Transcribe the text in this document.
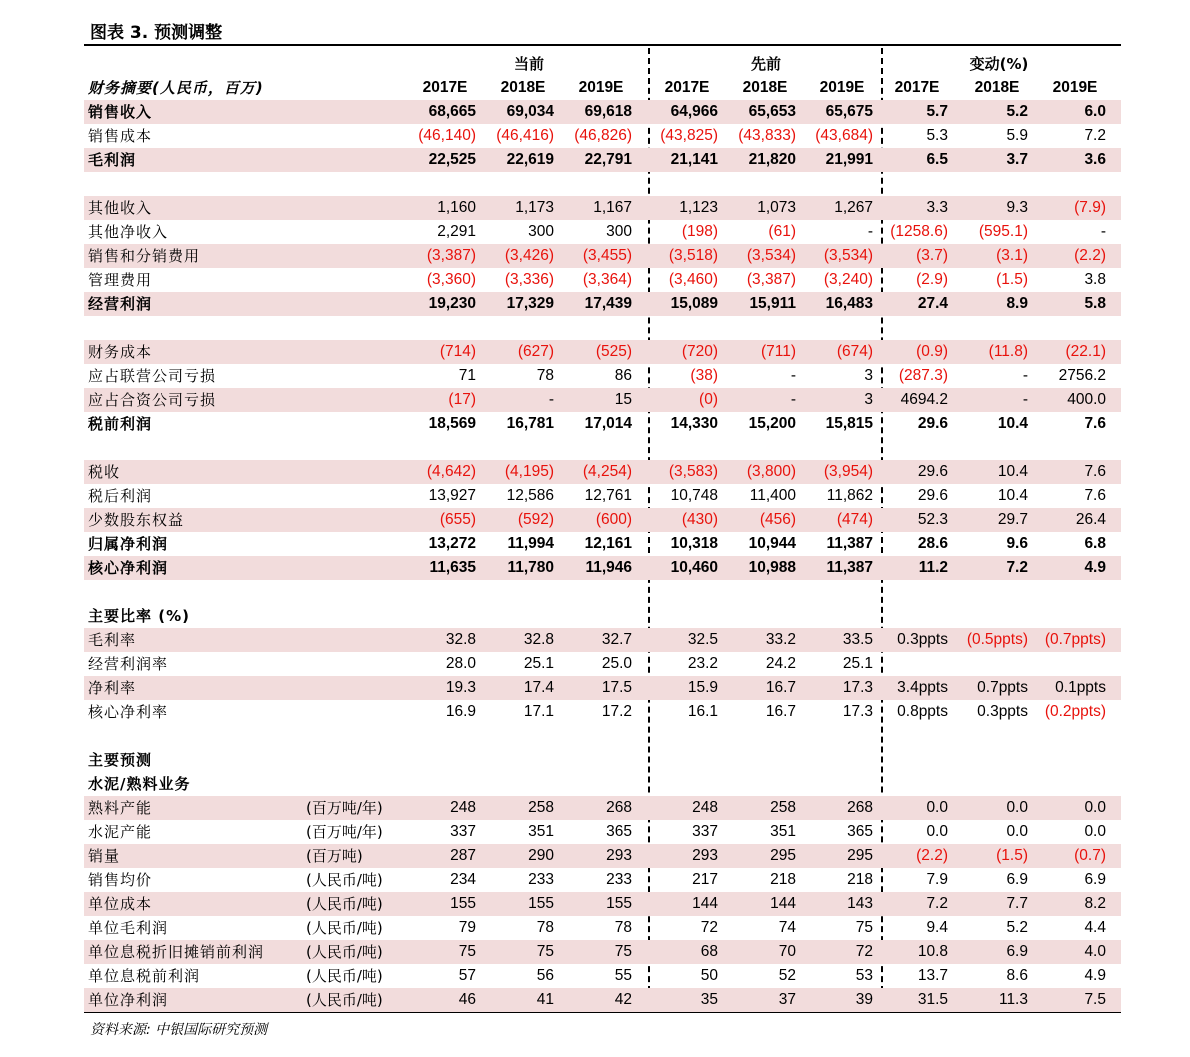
图表 3. 预测调整
当前	先前	变动(%)
财务摘要(人民币，百万)	2017E	2018E	2019E	2017E	2018E	2019E	2017E	2018E	2019E
销售收入	68,665	69,034	69,618	64,966	65,653	65,675	5.7	5.2	6.0
销售成本	(46,140)	(46,416)	(46,826)	(43,825)	(43,833)	(43,684)	5.3	5.9	7.2
毛利润	22,525	22,619	22,791	21,141	21,820	21,991	6.5	3.7	3.6
其他收入	1,160	1,173	1,167	1,123	1,073	1,267	3.3	9.3	(7.9)
其他净收入	2,291	300	300	(198)	(61)	-	(1258.6)	(595.1)	-
销售和分销费用	(3,387)	(3,426)	(3,455)	(3,518)	(3,534)	(3,534)	(3.7)	(3.1)	(2.2)
管理费用	(3,360)	(3,336)	(3,364)	(3,460)	(3,387)	(3,240)	(2.9)	(1.5)	3.8
经营利润	19,230	17,329	17,439	15,089	15,911	16,483	27.4	8.9	5.8
财务成本	(714)	(627)	(525)	(720)	(711)	(674)	(0.9)	(11.8)	(22.1)
应占联营公司亏损	71	78	86	(38)	-	3	(287.3)	-	2756.2
应占合资公司亏损	(17)	-	15	(0)	-	3	4694.2	-	400.0
税前利润	18,569	16,781	17,014	14,330	15,200	15,815	29.6	10.4	7.6
税收	(4,642)	(4,195)	(4,254)	(3,583)	(3,800)	(3,954)	29.6	10.4	7.6
税后利润	13,927	12,586	12,761	10,748	11,400	11,862	29.6	10.4	7.6
少数股东权益	(655)	(592)	(600)	(430)	(456)	(474)	52.3	29.7	26.4
归属净利润	13,272	11,994	12,161	10,318	10,944	11,387	28.6	9.6	6.8
核心净利润	11,635	11,780	11,946	10,460	10,988	11,387	11.2	7.2	4.9
主要比率 (%)
毛利率	32.8	32.8	32.7	32.5	33.2	33.5	0.3ppts	(0.5ppts)	(0.7ppts)
经营利润率	28.0	25.1	25.0	23.2	24.2	25.1
净利率	19.3	17.4	17.5	15.9	16.7	17.3	3.4ppts	0.7ppts	0.1ppts
核心净利率	16.9	17.1	17.2	16.1	16.7	17.3	0.8ppts	0.3ppts	(0.2ppts)
主要预测
水泥/熟料业务
熟料产能	(百万吨/年)	248	258	268	248	258	268	0.0	0.0	0.0
水泥产能	(百万吨/年)	337	351	365	337	351	365	0.0	0.0	0.0
销量	(百万吨)	287	290	293	293	295	295	(2.2)	(1.5)	(0.7)
销售均价	(人民币/吨)	234	233	233	217	218	218	7.9	6.9	6.9
单位成本	(人民币/吨)	155	155	155	144	144	143	7.2	7.7	8.2
单位毛利润	(人民币/吨)	79	78	78	72	74	75	9.4	5.2	4.4
单位息税折旧摊销前利润	(人民币/吨)	75	75	75	68	70	72	10.8	6.9	4.0
单位息税前利润	(人民币/吨)	57	56	55	50	52	53	13.7	8.6	4.9
单位净利润	(人民币/吨)	46	41	42	35	37	39	31.5	11.3	7.5
资料来源: 中银国际研究预测
